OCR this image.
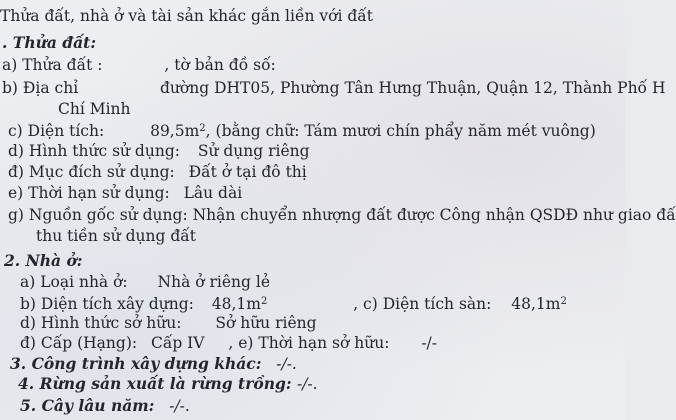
Thửa đất, nhà ở và tài sản khác gắn liền với đất
. Thửa đất:
a) Thửa đất :	, tờ bản đồ số:
b) Địa chỉ	đường DHT05, Phường Tân Hưng Thuận, Quận 12, Thành Phố H
Chí Minh
c) Diện tích:	$89,5m^2$, (bằng chữ: Tám mươi chín phẩy năm mét vuông)
d) Hình thức sử dụng: Sử dụng riêng
đ) Mục đích sử dụng: Đất ở tại đô thị
e) Thời hạn sử dụng: Lâu dài
g) Nguồn gốc sử dụng: Nhận chuyển nhượng đất được Công nhận QSDĐ như giao đấ
thu tiền sử dụng đất
2. Nhà ở:
a) Loại nhà ở: Nhà ở riêng lẻ
b) Diện tích xây dựng: $48,1m^2$	, c) Diện tích sàn: $48,1m^2$
d) Hình thức sở hữu: Sở hữu riêng
đ) Cấp (Hạng): Cấp IV , e) Thời hạn sở hữu: -/-
3. Công trình xây dựng khác: -/-.
4. Rừng sản xuất là rừng trồng: -/-.
5. Cây lâu năm: -/-.
